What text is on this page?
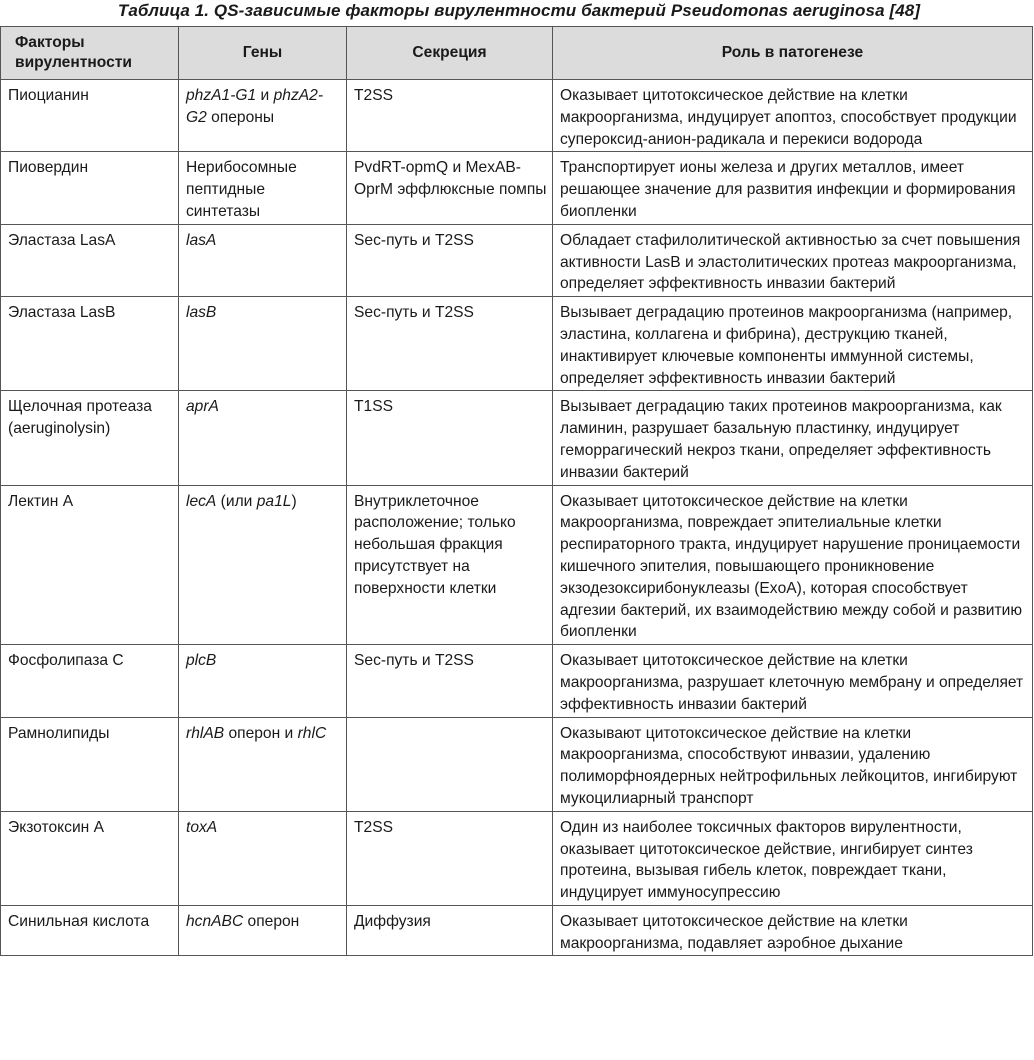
Таблица 1. QS-зависимые факторы вирулентности бактерий Pseudomonas aeruginosa [48]
Факторы вирулентности	Гены	Секреция	Роль в патогенезе
Пиоцианин	phzA1-G1 и phzA2-G2 опероны	T2SS	Оказывает цитотоксическое действие на клетки макроорганизма, индуцирует апоптоз, способствует продукции супероксид-анион-радикала и перекиси водорода
Пиовердин	Нерибосомные пептидные синтетазы	PvdRT-opmQ и MexAB-OprM эффлюксные помпы	Транспортирует ионы железа и других металлов, имеет решающее значение для развития инфекции и формирования биопленки
Эластаза LasA	lasA	Sec-путь и T2SS	Обладает стафилолитической активностью за счет повышения активности LasB и эластолитических протеаз макроорганизма, определяет эффективность инвазии бактерий
Эластаза LasB	lasB	Sec-путь и T2SS	Вызывает деградацию протеинов макроорганизма (например, эластина, коллагена и фибрина), деструкцию тканей, инактивирует ключевые компоненты иммунной системы, определяет эффективность инвазии бактерий
Щелочная протеаза (aeruginolysin)	aprA	T1SS	Вызывает деградацию таких протеинов макроорганизма, как ламинин, разрушает базальную пластинку, индуцирует геморрагический некроз ткани, определяет эффективность инвазии бактерий
Лектин А	lecA (или pa1L)	Внутриклеточное расположение; только небольшая фракция присутствует на поверхности клетки	Оказывает цитотоксическое действие на клетки макроорганизма, повреждает эпителиальные клетки респираторного тракта, индуцирует нарушение проницаемости кишечного эпителия, повышающего проникновение экзодезоксирибонуклеазы (ExoA), которая способствует адгезии бактерий, их взаимодействию между собой и развитию биопленки
Фосфолипаза С	plcB	Sec-путь и T2SS	Оказывает цитотоксическое действие на клетки макроорганизма, разрушает клеточную мембрану и определяет эффективность инвазии бактерий
Рамнолипиды	rhlAB оперон и rhlC		Оказывают цитотоксическое действие на клетки макроорганизма, способствуют инвазии, удалению полиморфноядерных нейтрофильных лейкоцитов, ингибируют мукоцилиарный транспорт
Экзотоксин А	toxA	T2SS	Один из наиболее токсичных факторов вирулентности, оказывает цитотоксическое действие, ингибирует синтез протеина, вызывая гибель клеток, повреждает ткани, индуцирует иммуносупрессию
Синильная кислота	hcnABC оперон	Диффузия	Оказывает цитотоксическое действие на клетки макроорганизма, подавляет аэробное дыхание
